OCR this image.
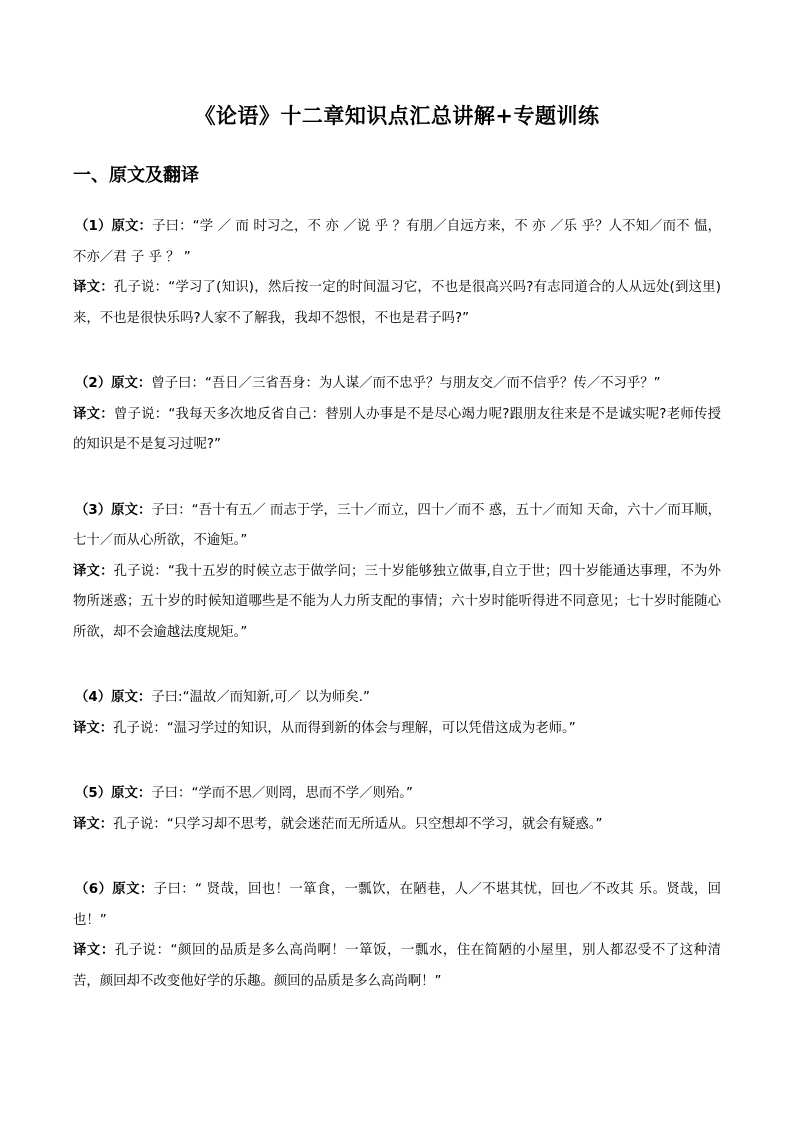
《论语》十二章知识点汇总讲解+专题训练
一、原文及翻译

（1）原文：子曰：“学 ／ 而 时习之，不 亦 ／说 乎 ？有朋／自远方来，不 亦 ／乐 乎？人不知／而不 愠，不亦／君 子 乎 ？ ”

译文：孔子说：“学习了(知识)，然后按一定的时间温习它，不也是很高兴吗?有志同道合的人从远处(到这里)来，不也是很快乐吗?人家不了解我，我却不怨恨，不也是君子吗?”

（2）原文：曾子曰：“吾日／三省吾身：为人谋／而不忠乎？与朋友交／而不信乎？传／不习乎？”

译文：曾子说：“我每天多次地反省自己：替别人办事是不是尽心竭力呢?跟朋友往来是不是诚实呢?老师传授的知识是不是复习过呢?”

（3）原文：子曰：“吾十有五／ 而志于学，三十／而立，四十／而不 惑，五十／而知 天命，六十／而耳顺，七十／而从心所欲，不逾矩。”

译文：孔子说：“我十五岁的时候立志于做学问；三十岁能够独立做事,自立于世；四十岁能通达事理，不为外物所迷惑；五十岁的时候知道哪些是不能为人力所支配的事情；六十岁时能听得进不同意见；七十岁时能随心所欲，却不会逾越法度规矩。”

（4）原文：子曰:“温故／而知新,可／ 以为师矣.”

译文：孔子说：“温习学过的知识，从而得到新的体会与理解，可以凭借这成为老师。”

（5）原文：子曰：“学而不思／则罔，思而不学／则殆。”

译文：孔子说：“只学习却不思考，就会迷茫而无所适从。只空想却不学习，就会有疑惑。”

（6）原文：子曰：“ 贤哉，回也！一箪食，一瓢饮，在陋巷，人／不堪其忧，回也／不改其 乐。贤哉，回也！”

译文：孔子说：“颜回的品质是多么高尚啊！一箪饭，一瓢水，住在简陋的小屋里，别人都忍受不了这种清苦，颜回却不改变他好学的乐趣。颜回的品质是多么高尚啊！”
